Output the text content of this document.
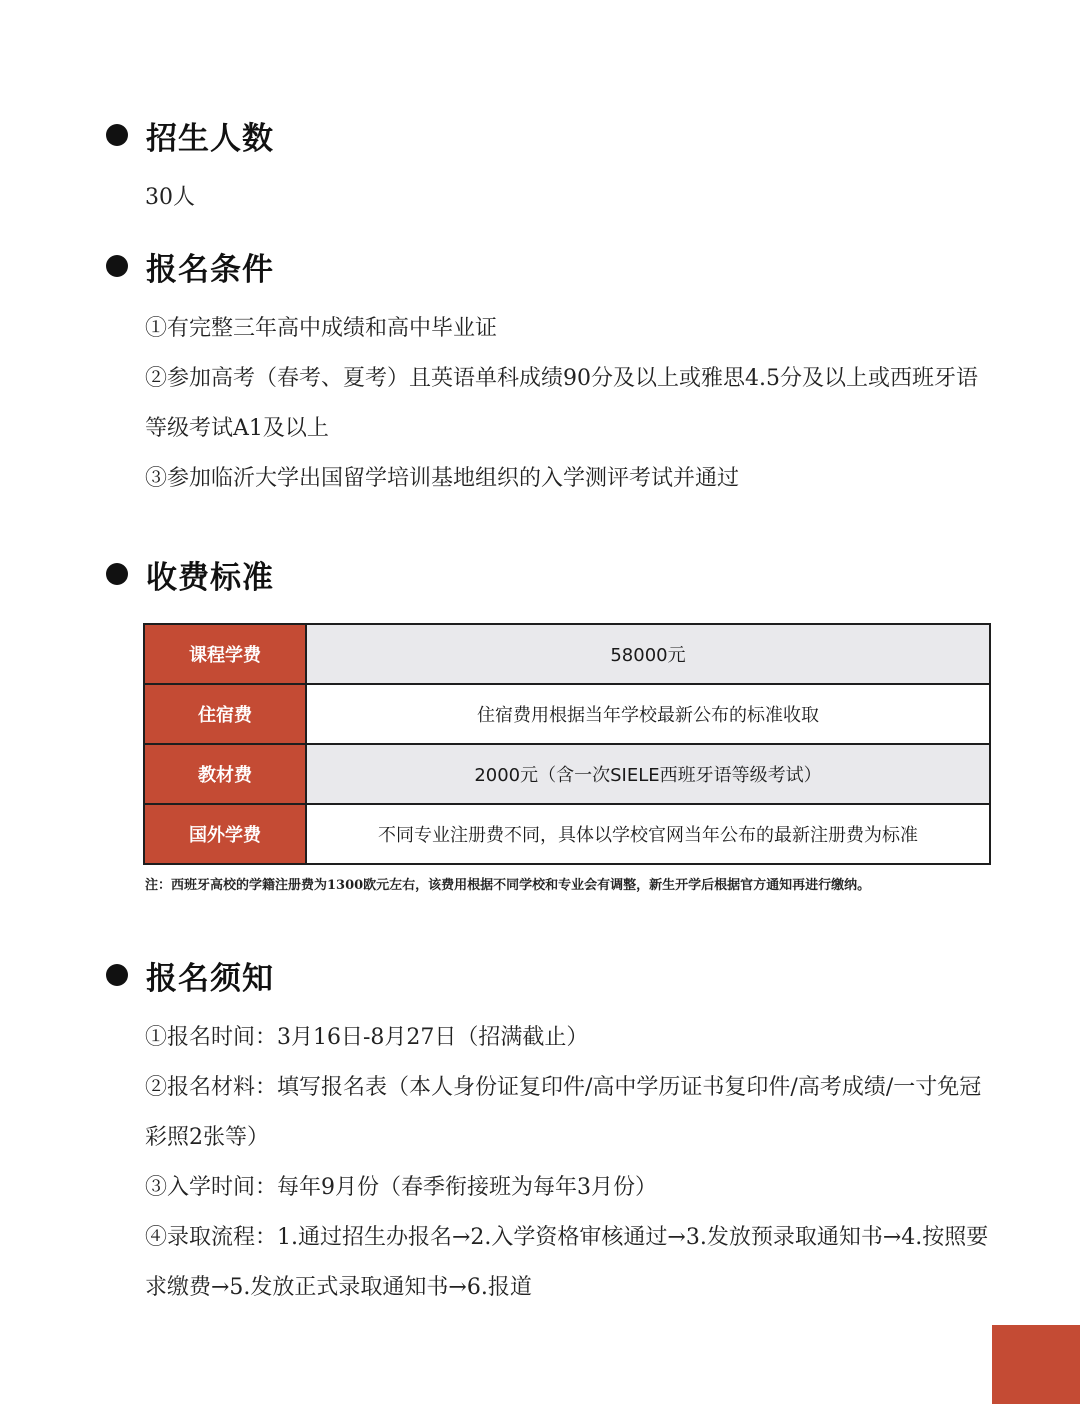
招生人数

30人

报名条件

①有完整三年高中成绩和高中毕业证

②参加高考（春考、夏考）且英语单科成绩90分及以上或雅思4.5分及以上或西班牙语等级考试A1及以上

③参加临沂大学出国留学培训基地组织的入学测评考试并通过

收费标准
课程学费	58000元
住宿费	住宿费用根据当年学校最新公布的标准收取
教材费	2000元（含一次SIELE西班牙语等级考试）
国外学费	不同专业注册费不同，具体以学校官网当年公布的最新注册费为标准

注：西班牙高校的学籍注册费为1300欧元左右，该费用根据不同学校和专业会有调整，新生开学后根据官方通知再进行缴纳。

报名须知

①报名时间：3月16日-8月27日（招满截止）

②报名材料：填写报名表（本人身份证复印件/高中学历证书复印件/高考成绩/一寸免冠彩照2张等）

③入学时间：每年9月份（春季衔接班为每年3月份）

④录取流程：1.通过招生办报名→2.入学资格审核通过→3.发放预录取通知书→4.按照要求缴费→5.发放正式录取通知书→6.报道
